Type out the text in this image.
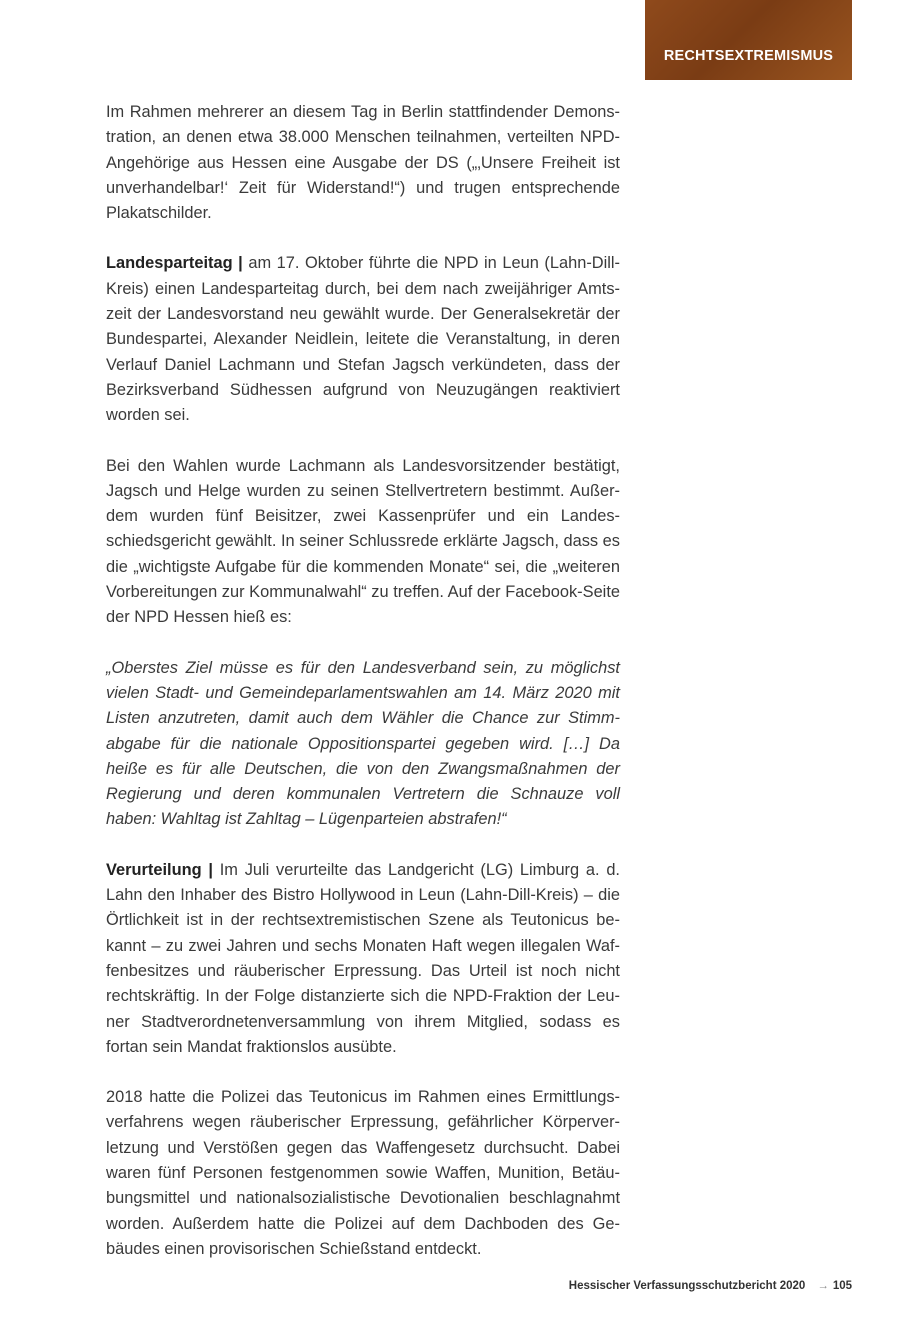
RECHTSEXTREMISMUS

Im Rahmen mehrerer an diesem Tag in Berlin stattfindender Demonstration, an denen etwa 38.000 Menschen teilnahmen, verteilten NPD-Angehörige aus Hessen eine Ausgabe der DS („‚Unsere Freiheit ist unverhandelbar!‘ Zeit für Widerstand!“) und trugen entsprechende Plakatschilder.

Landesparteitag | am 17. Oktober führte die NPD in Leun (Lahn-Dill-Kreis) einen Landesparteitag durch, bei dem nach zweijähriger Amtszeit der Landesvorstand neu gewählt wurde. Der Generalsekretär der Bundespartei, Alexander Neidlein, leitete die Veranstaltung, in deren Verlauf Daniel Lachmann und Stefan Jagsch verkündeten, dass der Bezirksverband Südhessen aufgrund von Neuzugängen reaktiviert worden sei.

Bei den Wahlen wurde Lachmann als Landesvorsitzender bestätigt, Jagsch und Helge wurden zu seinen Stellvertretern bestimmt. Außerdem wurden fünf Beisitzer, zwei Kassenprüfer und ein Landesschiedsgericht gewählt. In seiner Schlussrede erklärte Jagsch, dass es die „wichtigste Aufgabe für die kommenden Monate“ sei, die „weiteren Vorbereitungen zur Kommunalwahl“ zu treffen. Auf der Facebook-Seite der NPD Hessen hieß es:

„Oberstes Ziel müsse es für den Landesverband sein, zu möglichst vielen Stadt- und Gemeindeparlamentswahlen am 14. März 2020 mit Listen anzutreten, damit auch dem Wähler die Chance zur Stimmabgabe für die nationale Oppositionspartei gegeben wird. […] Da heiße es für alle Deutschen, die von den Zwangsmaßnahmen der Regierung und deren kommunalen Vertretern die Schnauze voll haben: Wahltag ist Zahltag – Lügenparteien abstrafen!“

Verurteilung | Im Juli verurteilte das Landgericht (LG) Limburg a. d. Lahn den Inhaber des Bistro Hollywood in Leun (Lahn-Dill-Kreis) – die Örtlichkeit ist in der rechtsextremistischen Szene als Teutonicus bekannt – zu zwei Jahren und sechs Monaten Haft wegen illegalen Waffenbesitzes und räuberischer Erpressung. Das Urteil ist noch nicht rechtskräftig. In der Folge distanzierte sich die NPD-Fraktion der Leuner Stadtverordnetenversammlung von ihrem Mitglied, sodass es fortan sein Mandat fraktionslos ausübte.

2018 hatte die Polizei das Teutonicus im Rahmen eines Ermittlungsverfahrens wegen räuberischer Erpressung, gefährlicher Körperverletzung und Verstößen gegen das Waffengesetz durchsucht. Dabei waren fünf Personen festgenommen sowie Waffen, Munition, Betäubungsmittel und nationalsozialistische Devotionalien beschlagnahmt worden. Außerdem hatte die Polizei auf dem Dachboden des Gebäudes einen provisorischen Schießstand entdeckt.

Hessischer Verfassungsschutzbericht 2020 → 105
